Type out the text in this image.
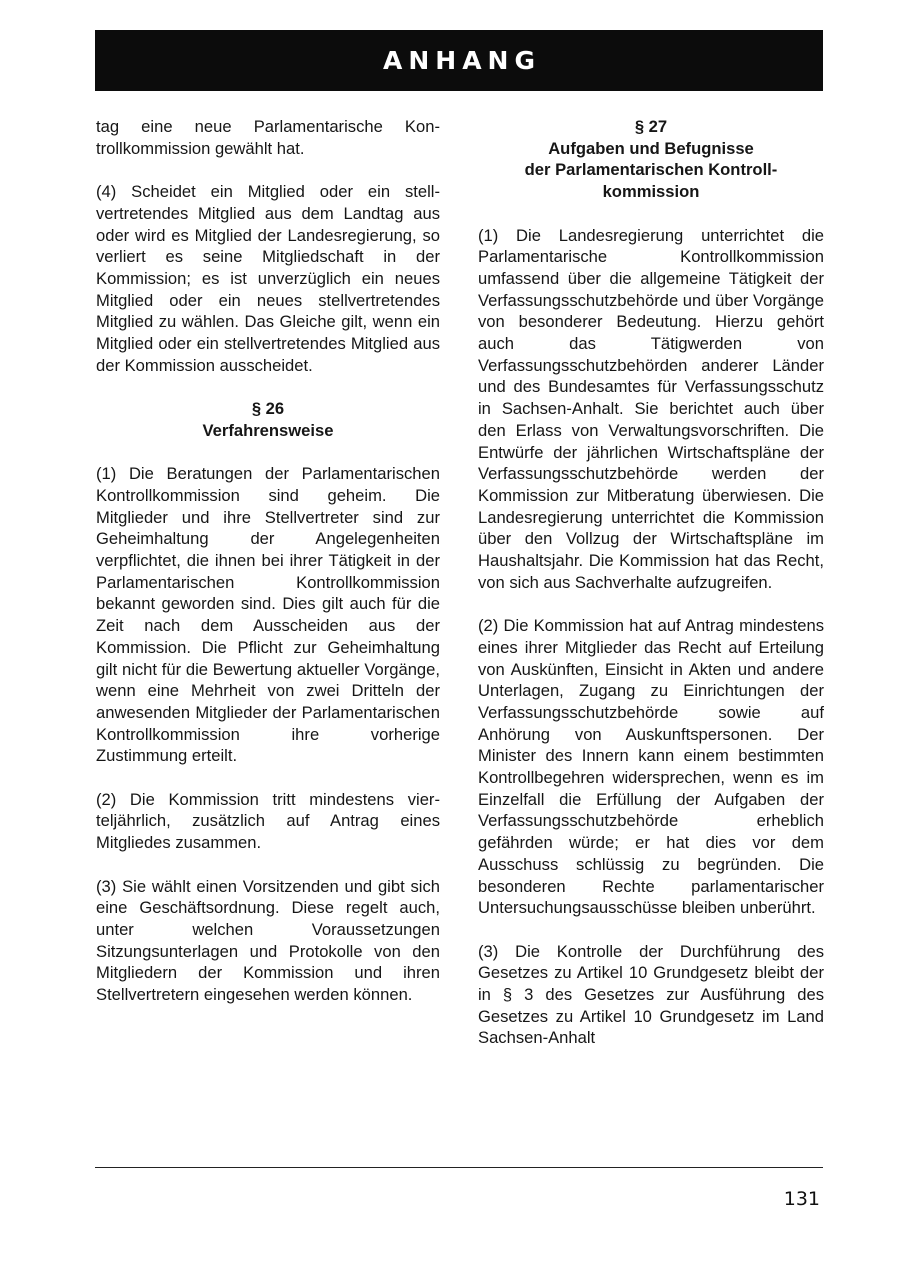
ANHANG

tag eine neue Parlamentarische Kontrollkommission gewählt hat.

(4) Scheidet ein Mitglied oder ein stellvertretendes Mitglied aus dem Landtag aus oder wird es Mitglied der Landesregierung, so verliert es seine Mitgliedschaft in der Kommission; es ist unverzüglich ein neues Mitglied oder ein neues stellvertretendes Mitglied zu wählen. Das Gleiche gilt, wenn ein Mitglied oder ein stellvertretendes Mitglied aus der Kommission ausscheidet.

§ 26
Verfahrensweise

(1) Die Beratungen der Parlamentarischen Kontrollkommission sind geheim. Die Mitglieder und ihre Stellvertreter sind zur Geheimhaltung der Angelegenheiten verpflichtet, die ihnen bei ihrer Tätigkeit in der Parlamentarischen Kontrollkommission bekannt geworden sind. Dies gilt auch für die Zeit nach dem Ausscheiden aus der Kommission. Die Pflicht zur Geheimhaltung gilt nicht für die Bewertung aktueller Vorgänge, wenn eine Mehrheit von zwei Dritteln der anwesenden Mitglieder der Parlamentarischen Kontrollkommission ihre vorherige Zustimmung erteilt.

(2) Die Kommission tritt mindestens vierteljährlich, zusätzlich auf Antrag eines Mitgliedes zusammen.

(3) Sie wählt einen Vorsitzenden und gibt sich eine Geschäftsordnung. Diese regelt auch, unter welchen Voraussetzungen Sitzungsunterlagen und Protokolle von den Mitgliedern der Kommission und ihren Stellvertretern eingesehen werden können.

§ 27
Aufgaben und Befugnisse
der Parlamentarischen Kontroll-
kommission

(1) Die Landesregierung unterrichtet die Parlamentarische Kontrollkommission umfassend über die allgemeine Tätigkeit der Verfassungsschutzbehörde und über Vorgänge von besonderer Bedeutung. Hierzu gehört auch das Tätigwerden von Verfassungsschutzbehörden anderer Länder und des Bundesamtes für Verfassungsschutz in Sachsen-Anhalt. Sie berichtet auch über den Erlass von Verwaltungsvorschriften. Die Entwürfe der jährlichen Wirtschaftspläne der Verfassungsschutzbehörde werden der Kommission zur Mitberatung überwiesen. Die Landesregierung unterrichtet die Kommission über den Vollzug der Wirtschaftspläne im Haushaltsjahr. Die Kommission hat das Recht, von sich aus Sachverhalte aufzugreifen.

(2) Die Kommission hat auf Antrag mindestens eines ihrer Mitglieder das Recht auf Erteilung von Auskünften, Einsicht in Akten und andere Unterlagen, Zugang zu Einrichtungen der Verfassungsschutzbehörde sowie auf Anhörung von Auskunftspersonen. Der Minister des Innern kann einem bestimmten Kontrollbegehren widersprechen, wenn es im Einzelfall die Erfüllung der Aufgaben der Verfassungsschutzbehörde erheblich gefährden würde; er hat dies vor dem Ausschuss schlüssig zu begründen. Die besonderen Rechte parlamentarischer Untersuchungsausschüsse bleiben unberührt.

(3) Die Kontrolle der Durchführung des Gesetzes zu Artikel 10 Grundgesetz bleibt der in § 3 des Gesetzes zur Ausführung des Gesetzes zu Artikel 10 Grundgesetz im Land Sachsen-Anhalt

131
